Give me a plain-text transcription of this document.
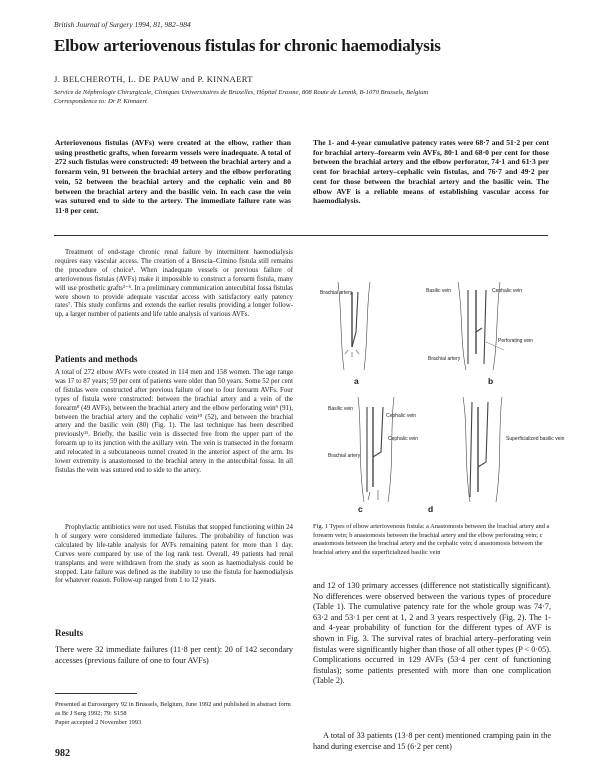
British Journal of Surgery 1994, 81, 982–984
Elbow arteriovenous fistulas for chronic haemodialysis
J. BELCHEROTH, L. DE PAUW and P. KINNAERT
Service de Néphrologie Chirurgicale, Cliniques Universitaires de Bruxelles, Hôpital Erasme, 808 Route de Lennik, B-1070 Brussels, Belgium
Correspondence to: Dr P. Kinnaert
Arteriovenous fistulas (AVFs) were created at the elbow, rather than using prosthetic grafts, when forearm vessels were inadequate. A total of 272 such fistulas were constructed: 49 between the brachial artery and a forearm vein, 91 between the brachial artery and the elbow perforating vein, 52 between the brachial artery and the cephalic vein and 80 between the brachial artery and the basilic vein. In each case the vein was sutured end to side to the artery. The immediate failure rate was 11·8 per cent.
The 1- and 4-year cumulative patency rates were 68·7 and 51·2 per cent for brachial artery–forearm vein AVFs, 80·1 and 68·0 per cent for those between the brachial artery and the elbow perforator, 74·1 and 61·3 per cent for brachial artery–cephalic vein fistulas, and 76·7 and 49·2 per cent for those between the brachial artery and the basilic vein. The elbow AVF is a reliable means of establishing vascular access for haemodialysis.
Treatment of end-stage chronic renal failure by intermittent haemodialysis requires easy vascular access. The creation of a Brescia–Cimino fistula still remains the procedure of choice¹. When inadequate vessels or previous failure of arteriovenous fistulas (AVFs) make it impossible to construct a forearm fistula, many will use prosthetic grafts²⁻⁶. In a preliminary communication antecubital fossa fistulas were shown to provide adequate vascular access with satisfactory early patency rates⁷. This study confirms and extends the earlier results providing a longer follow-up, a larger number of patients and life table analysis of various AVFs.
Patients and methods
A total of 272 elbow AVFs were created in 114 men and 158 women. The age range was 17 to 87 years; 59 per cent of patients were older than 50 years. Some 52 per cent of fistulas were constructed after previous failure of one to four forearm AVFs. Four types of fistula were constructed: between the brachial artery and a vein of the forearm⁸ (49 AVFs), between the brachial artery and the elbow perforating vein⁹ (91), between the brachial artery and the cephalic vein¹⁰ (52), and between the brachial artery and the basilic vein (80) (Fig. 1). The last technique has been described previously¹¹. Briefly, the basilic vein is dissected free from the upper part of the forearm up to its junction with the axillary vein. The vein is transected in the forearm and relocated in a subcutaneous tunnel created in the anterior aspect of the arm. Its lower extremity is anastomosed to the brachial artery in the antecubital fossa. In all fistulas the vein was sutured end to side to the artery.
Prophylactic antibiotics were not used. Fistulas that stopped functioning within 24 h of surgery were considered immediate failures. The probability of function was calculated by life-table analysis for AVFs remaining patent for more than 1 day. Curves were compared by use of the log rank test. Overall, 49 patients had renal transplants and were withdrawn from the study as soon as haemodialysis could be stopped. Late failure was defined as the inability to use the fistula for haemodialysis for whatever reason. Follow-up ranged from 1 to 12 years.
Results
There were 32 immediate failures (11·8 per cent): 20 of 142 secondary accesses (previous failure of one to four AVFs)
Brachial artery	Basilic vein	Cephalic vein
Perforating vein
Brachial artery
Basilic vein
Cephalic vein
Cephalic vein
Brachial artery
Superficialized basilic vein
a	b
c	d
Fig. 1 Types of elbow arteriovenous fistula: a Anastomosis between the brachial artery and a forearm vein; b anastomosis between the brachial artery and the elbow perforating vein; c anastomosis between the brachial artery and the cephalic vein; d anastomosis between the brachial artery and the superficialized basilic vein
and 12 of 130 primary accesses (difference not statistically significant). No differences were observed between the various types of procedure (Table 1). The cumulative patency rate for the whole group was 74·7, 63·2 and 53·1 per cent at 1, 2 and 3 years respectively (Fig. 2). The 1- and 4-year probability of function for the different types of AVF is shown in Fig. 3. The survival rates of brachial artery–perforating vein fistulas were significantly higher than those of all other types (P < 0·05). Complications occurred in 129 AVFs (53·4 per cent of functioning fistulas); some patients presented with more than one complication (Table 2).
A total of 33 patients (13·8 per cent) mentioned cramping pain in the hand during exercise and 15 (6·2 per cent)
Presented at Eurosurgery 92 in Brussels, Belgium, June 1992 and published in abstract form as Br J Surg 1992; 79: S158
Paper accepted 2 November 1993
982
